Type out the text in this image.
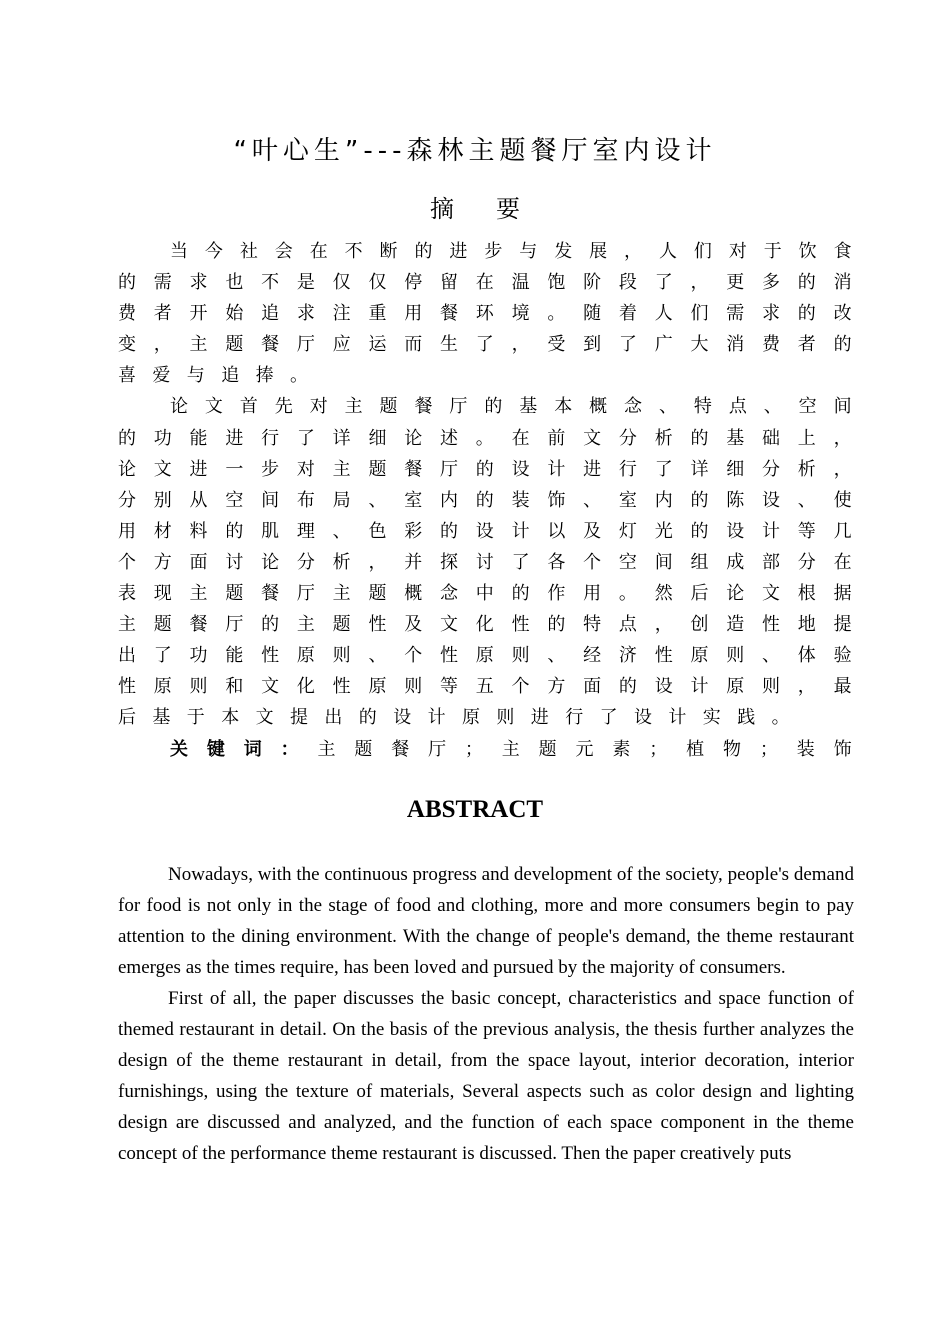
“叶心生”---森林主题餐厅室内设计
摘要

当今社会在不断的进步与发展，人们对于饮食的需求也不是仅仅停留在温饱阶段了，更多的消费者开始追求注重用餐环境。随着人们需求的改变，主题餐厅应运而生了，受到了广大消费者的喜爱与追捧。

论文首先对主题餐厅的基本概念、特点、空间的功能进行了详细论述。在前文分析的基础上，论文进一步对主题餐厅的设计进行了详细分析，分别从空间布局、室内的装饰、室内的陈设、使用材料的肌理、色彩的设计以及灯光的设计等几个方面讨论分析，并探讨了各个空间组成部分在表现主题餐厅主题概念中的作用。然后论文根据主题餐厅的主题性及文化性的特点，创造性地提出了功能性原则、个性原则、经济性原则、体验性原则和文化性原则等五个方面的设计原则，最后基于本文提出的设计原则进行了设计实践。

关键词：主题餐厅；主题元素；植物；装饰

ABSTRACT

Nowadays, with the continuous progress and development of the society, people's demand for food is not only in the stage of food and clothing, more and more consumers begin to pay attention to the dining environment. With the change of people's demand, the theme restaurant emerges as the times require, has been loved and pursued by the majority of consumers.

First of all, the paper discusses the basic concept, characteristics and space function of themed restaurant in detail. On the basis of the previous analysis, the thesis further analyzes the design of the theme restaurant in detail, from the space layout, interior decoration, interior furnishings, using the texture of materials, Several aspects such as color design and lighting design are discussed and analyzed, and the function of each space component in the theme concept of the performance theme restaurant is discussed. Then the paper creatively puts
